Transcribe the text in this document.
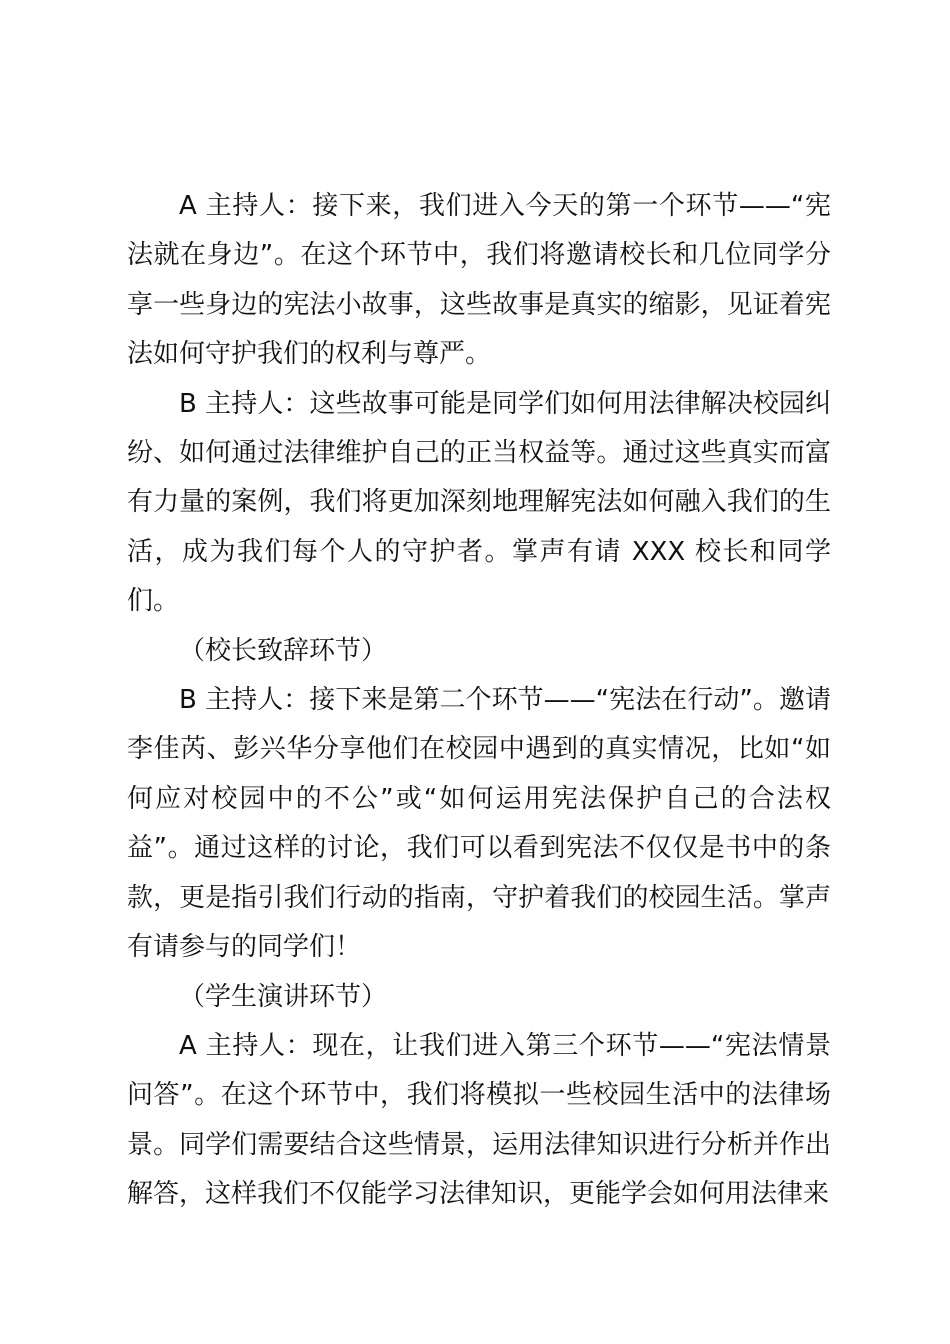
A 主持人：接下来，我们进入今天的第一个环节——“宪法就在身边”。在这个环节中，我们将邀请校长和几位同学分享一些身边的宪法小故事，这些故事是真实的缩影，见证着宪法如何守护我们的权利与尊严。

B 主持人：这些故事可能是同学们如何用法律解决校园纠纷、如何通过法律维护自己的正当权益等。通过这些真实而富有力量的案例，我们将更加深刻地理解宪法如何融入我们的生活，成为我们每个人的守护者。掌声有请 XXX 校长和同学们。

（校长致辞环节）

B 主持人：接下来是第二个环节——“宪法在行动”。邀请李佳芮、彭兴华分享他们在校园中遇到的真实情况，比如“如何应对校园中的不公”或“如何运用宪法保护自己的合法权益”。通过这样的讨论，我们可以看到宪法不仅仅是书中的条款，更是指引我们行动的指南，守护着我们的校园生活。掌声有请参与的同学们！

（学生演讲环节）

A 主持人：现在，让我们进入第三个环节——“宪法情景问答”。在这个环节中，我们将模拟一些校园生活中的法律场景。同学们需要结合这些情景，运用法律知识进行分析并作出解答，这样我们不仅能学习法律知识，更能学会如何用法律来
